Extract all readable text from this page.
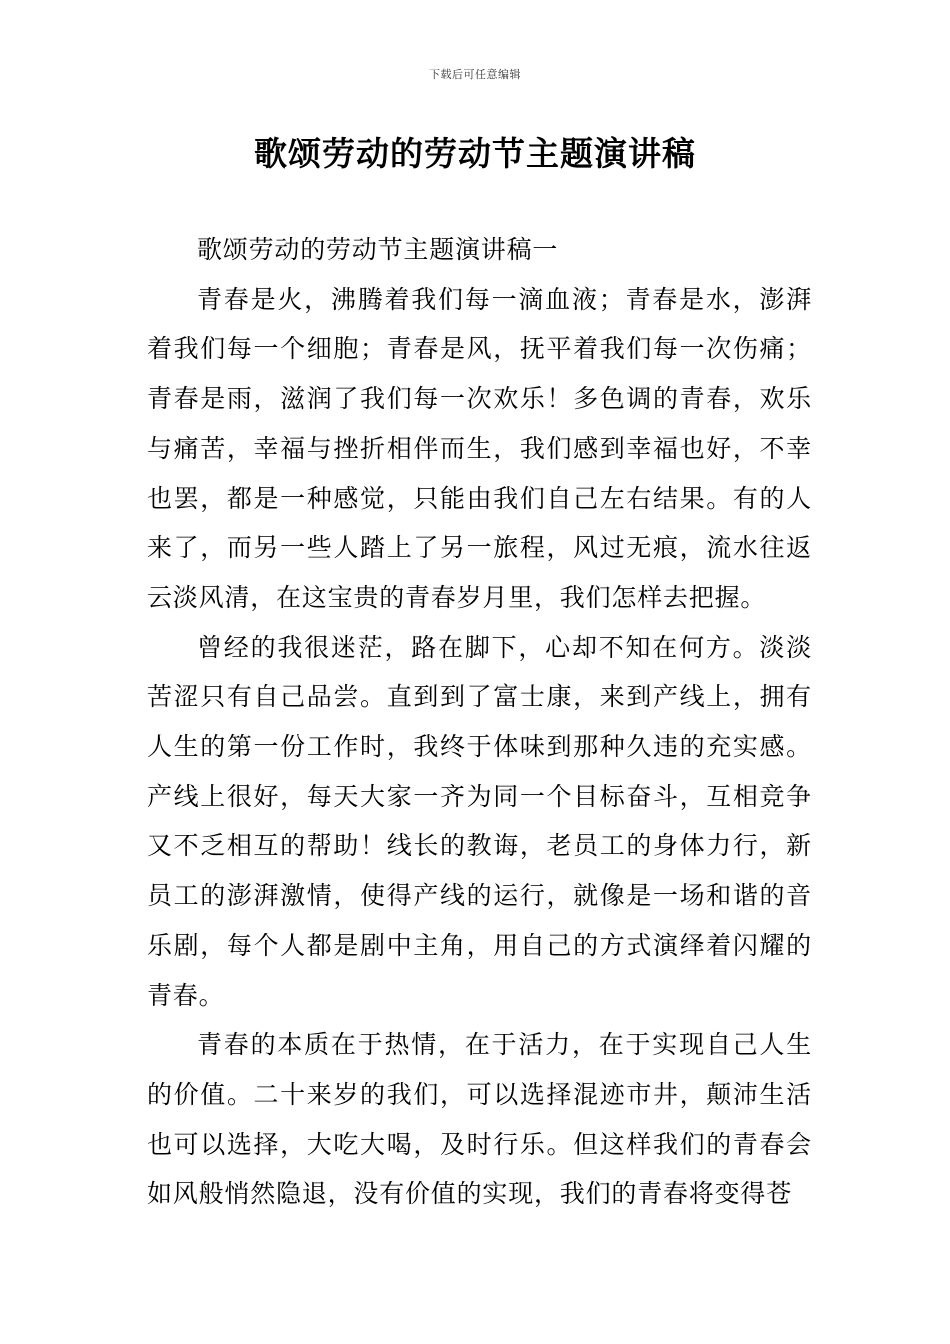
下载后可任意编辑
歌颂劳动的劳动节主题演讲稿

歌颂劳动的劳动节主题演讲稿一

青春是火，沸腾着我们每一滴血液；青春是水，澎湃着我们每一个细胞；青春是风，抚平着我们每一次伤痛；青春是雨，滋润了我们每一次欢乐！多色调的青春，欢乐与痛苦，幸福与挫折相伴而生，我们感到幸福也好，不幸也罢，都是一种感觉，只能由我们自己左右结果。有的人来了，而另一些人踏上了另一旅程，风过无痕，流水往返云淡风清，在这宝贵的青春岁月里，我们怎样去把握。

曾经的我很迷茫，路在脚下，心却不知在何方。淡淡苦涩只有自己品尝。直到到了富士康，来到产线上，拥有人生的第一份工作时，我终于体味到那种久违的充实感。产线上很好，每天大家一齐为同一个目标奋斗，互相竞争又不乏相互的帮助！线长的教诲，老员工的身体力行，新员工的澎湃激情，使得产线的运行，就像是一场和谐的音乐剧，每个人都是剧中主角，用自己的方式演绎着闪耀的青春。

青春的本质在于热情，在于活力，在于实现自己人生的价值。二十来岁的我们，可以选择混迹市井，颠沛生活也可以选择，大吃大喝，及时行乐。但这样我们的青春会如风般悄然隐退，没有价值的实现，我们的青春将变得苍
